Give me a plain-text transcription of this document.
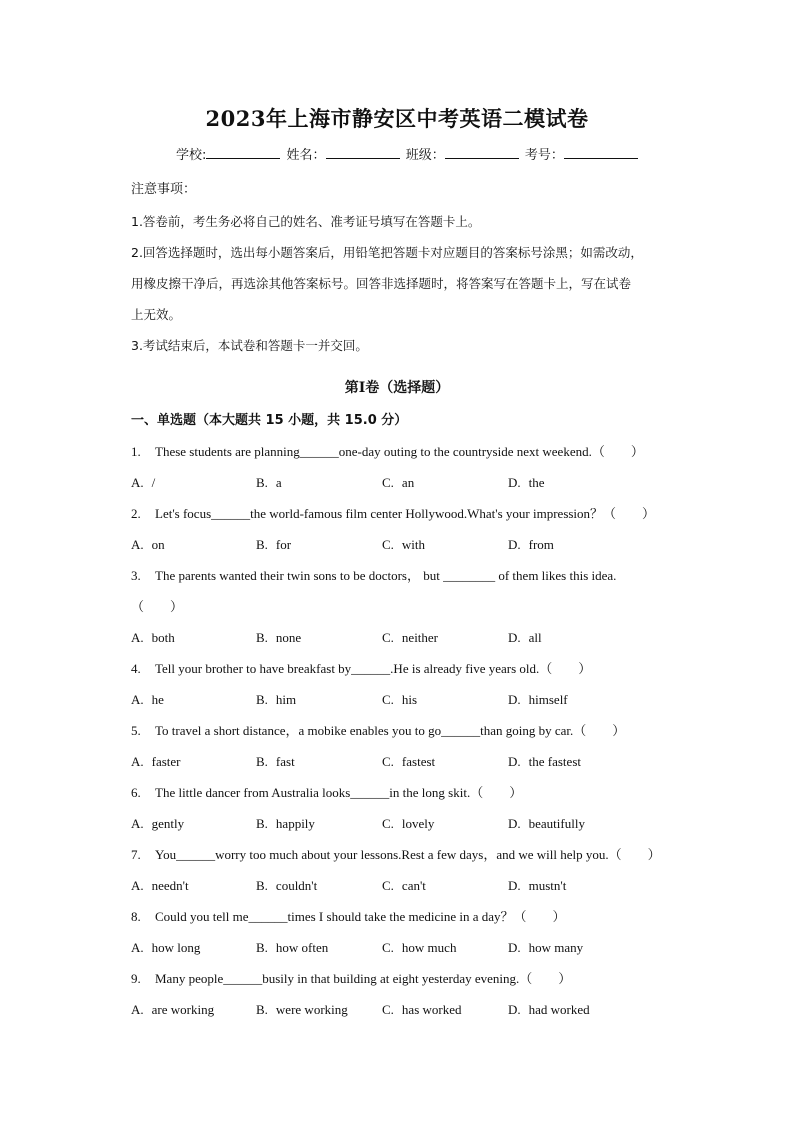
2023年上海市静安区中考英语二模试卷
学校:	姓名：	班级：	考号：
注意事项：

1.答卷前，考生务必将自己的姓名、准考证号填写在答题卡上。

2.回答选择题时，选出每小题答案后，用铅笔把答题卡对应题目的答案标号涂黑；如需改动，

用橡皮擦干净后，再选涂其他答案标号。回答非选择题时，将答案写在答题卡上，写在试卷

上无效。

3.考试结束后，本试卷和答题卡一并交回。

第Ⅰ卷（选择题）
一、单选题（本大题共 15 小题，共 15.0 分）
1. These students are planning______one-day outing to the countryside next weekend.（　　）
A. /	B. a	C. an	D. the
2. Let's focus______the world-famous film center Hollywood.What's your impression？（　　）
A. on	B. for	C. with	D. from
3. The parents wanted their twin sons to be doctors， but ________ of them likes this idea.
（　　）
A. both	B. none	C. neither	D. all
4. Tell your brother to have breakfast by______.He is already five years old.（　　）
A. he	B. him	C. his	D. himself
5. To travel a short distance，a mobike enables you to go______than going by car.（　　）
A. faster	B. fast	C. fastest	D. the fastest
6. The little dancer from Australia looks______in the long skit.（　　）
A. gently	B. happily	C. lovely	D. beautifully
7. You______worry too much about your lessons.Rest a few days，and we will help you.（　　）
A. needn't	B. couldn't	C. can't	D. mustn't
8. Could you tell me______times I should take the medicine in a day？（　　）
A. how long	B. how often	C. how much	D. how many
9. Many people______busily in that building at eight yesterday evening.（　　）
A. are working	B. were working	C. has worked	D. had worked
